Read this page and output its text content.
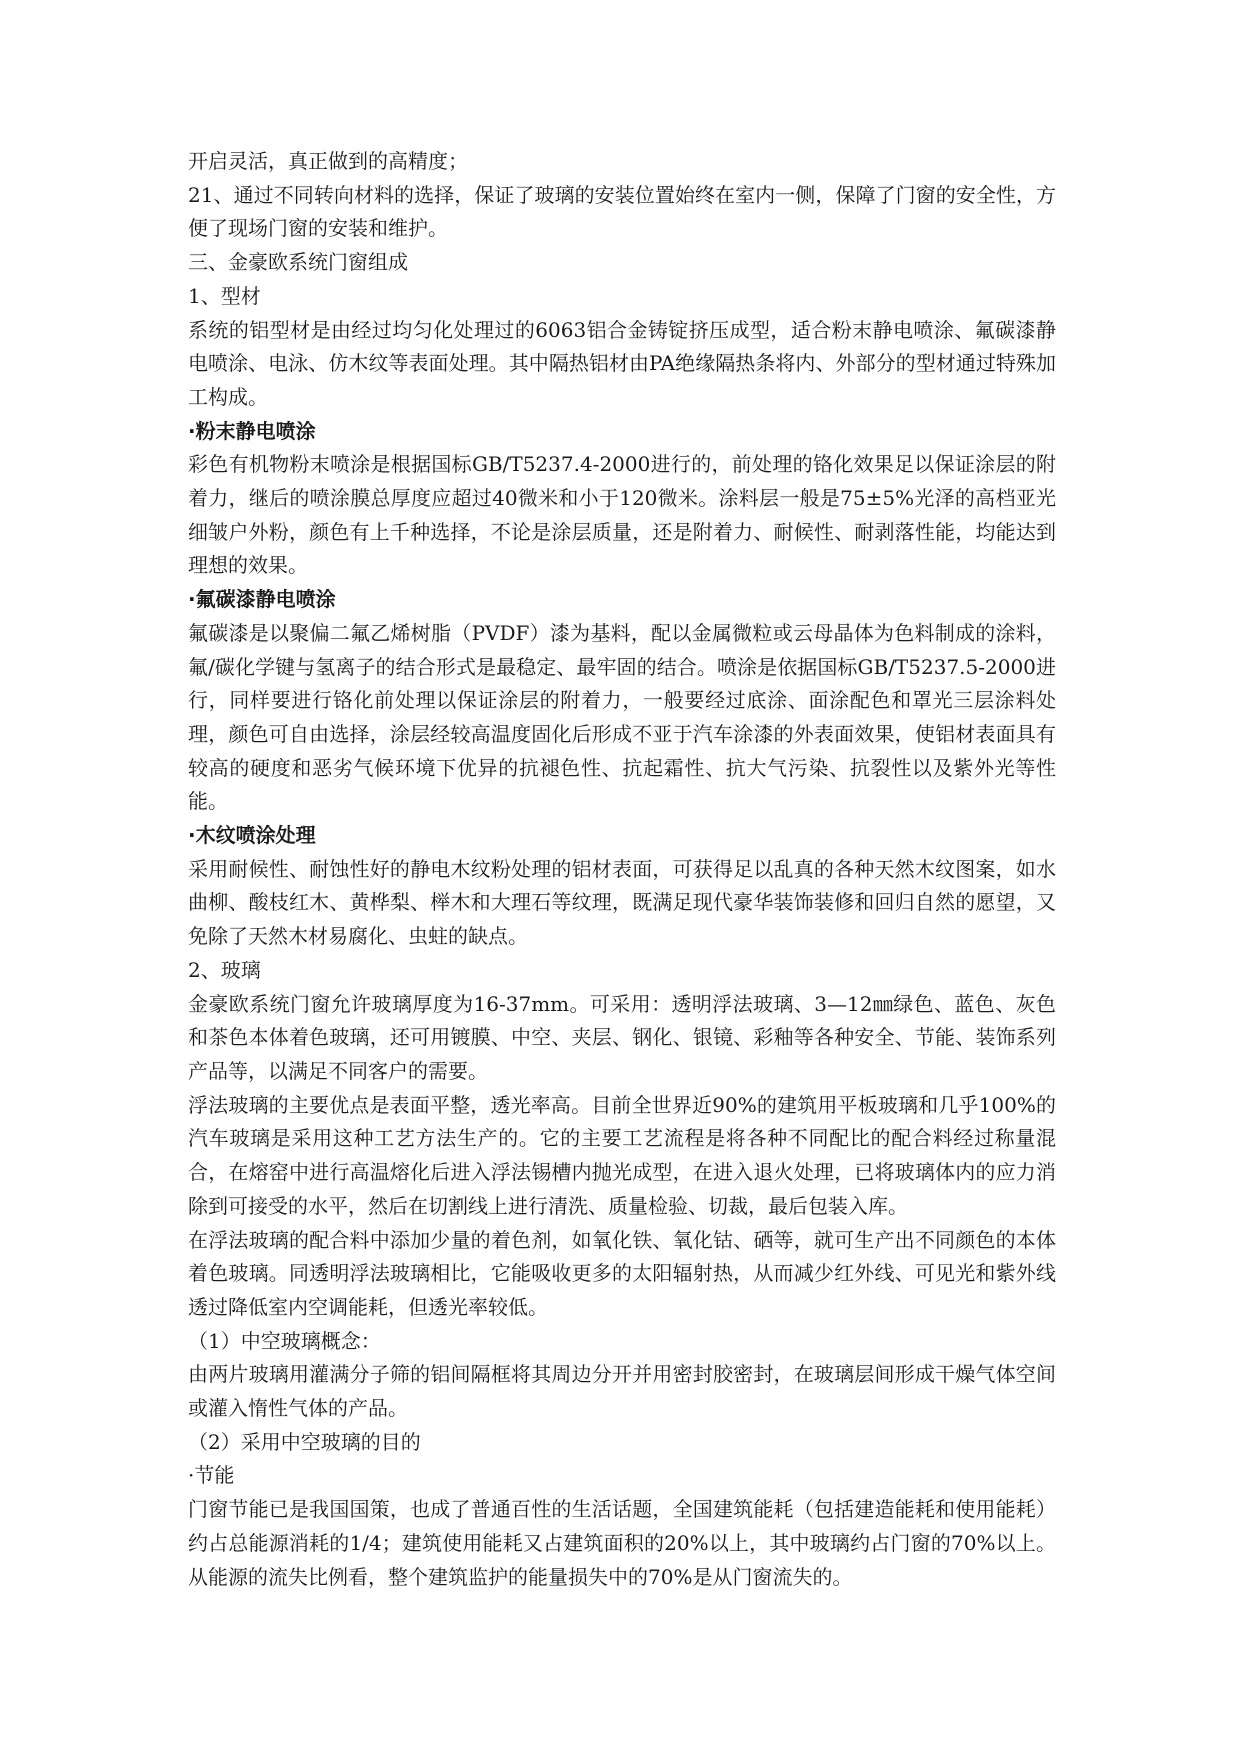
开启灵活，真正做到的高精度；

21、通过不同转向材料的选择，保证了玻璃的安装位置始终在室内一侧，保障了门窗的安全性，方便了现场门窗的安装和维护。

三、金豪欧系统门窗组成

1、型材

系统的铝型材是由经过均匀化处理过的6063铝合金铸锭挤压成型，适合粉末静电喷涂、氟碳漆静电喷涂、电泳、仿木纹等表面处理。其中隔热铝材由PA绝缘隔热条将内、外部分的型材通过特殊加工构成。

·粉末静电喷涂

彩色有机物粉末喷涂是根据国标GB/T5237.4-2000进行的，前处理的铬化效果足以保证涂层的附着力，继后的喷涂膜总厚度应超过40微米和小于120微米。涂料层一般是75±5%光泽的高档亚光细皱户外粉，颜色有上千种选择，不论是涂层质量，还是附着力、耐候性、耐剥落性能，均能达到理想的效果。

·氟碳漆静电喷涂

氟碳漆是以聚偏二氟乙烯树脂（PVDF）漆为基料，配以金属微粒或云母晶体为色料制成的涂料，氟/碳化学键与氢离子的结合形式是最稳定、最牢固的结合。喷涂是依据国标GB/T5237.5-2000进行，同样要进行铬化前处理以保证涂层的附着力，一般要经过底涂、面涂配色和罩光三层涂料处理，颜色可自由选择，涂层经较高温度固化后形成不亚于汽车涂漆的外表面效果，使铝材表面具有较高的硬度和恶劣气候环境下优异的抗褪色性、抗起霜性、抗大气污染、抗裂性以及紫外光等性能。

·木纹喷涂处理

采用耐候性、耐蚀性好的静电木纹粉处理的铝材表面，可获得足以乱真的各种天然木纹图案，如水曲柳、酸枝红木、黄桦梨、榉木和大理石等纹理，既满足现代豪华装饰装修和回归自然的愿望，又免除了天然木材易腐化、虫蛀的缺点。

2、玻璃

金豪欧系统门窗允许玻璃厚度为16-37mm。可采用：透明浮法玻璃、3—12㎜绿色、蓝色、灰色和茶色本体着色玻璃，还可用镀膜、中空、夹层、钢化、银镜、彩釉等各种安全、节能、装饰系列产品等，以满足不同客户的需要。

浮法玻璃的主要优点是表面平整，透光率高。目前全世界近90%的建筑用平板玻璃和几乎100%的汽车玻璃是采用这种工艺方法生产的。它的主要工艺流程是将各种不同配比的配合料经过称量混合，在熔窑中进行高温熔化后进入浮法锡槽内抛光成型，在进入退火处理，已将玻璃体内的应力消除到可接受的水平，然后在切割线上进行清洗、质量检验、切裁，最后包装入库。

在浮法玻璃的配合料中添加少量的着色剂，如氧化铁、氧化钴、硒等，就可生产出不同颜色的本体着色玻璃。同透明浮法玻璃相比，它能吸收更多的太阳辐射热，从而减少红外线、可见光和紫外线透过降低室内空调能耗，但透光率较低。

（1）中空玻璃概念：

由两片玻璃用灌满分子筛的铝间隔框将其周边分开并用密封胶密封，在玻璃层间形成干燥气体空间或灌入惰性气体的产品。

（2）采用中空玻璃的目的

·节能

门窗节能已是我国国策，也成了普通百性的生活话题，全国建筑能耗（包括建造能耗和使用能耗）约占总能源消耗的1/4；建筑使用能耗又占建筑面积的20%以上，其中玻璃约占门窗的70%以上。从能源的流失比例看，整个建筑监护的能量损失中的70%是从门窗流失的。
